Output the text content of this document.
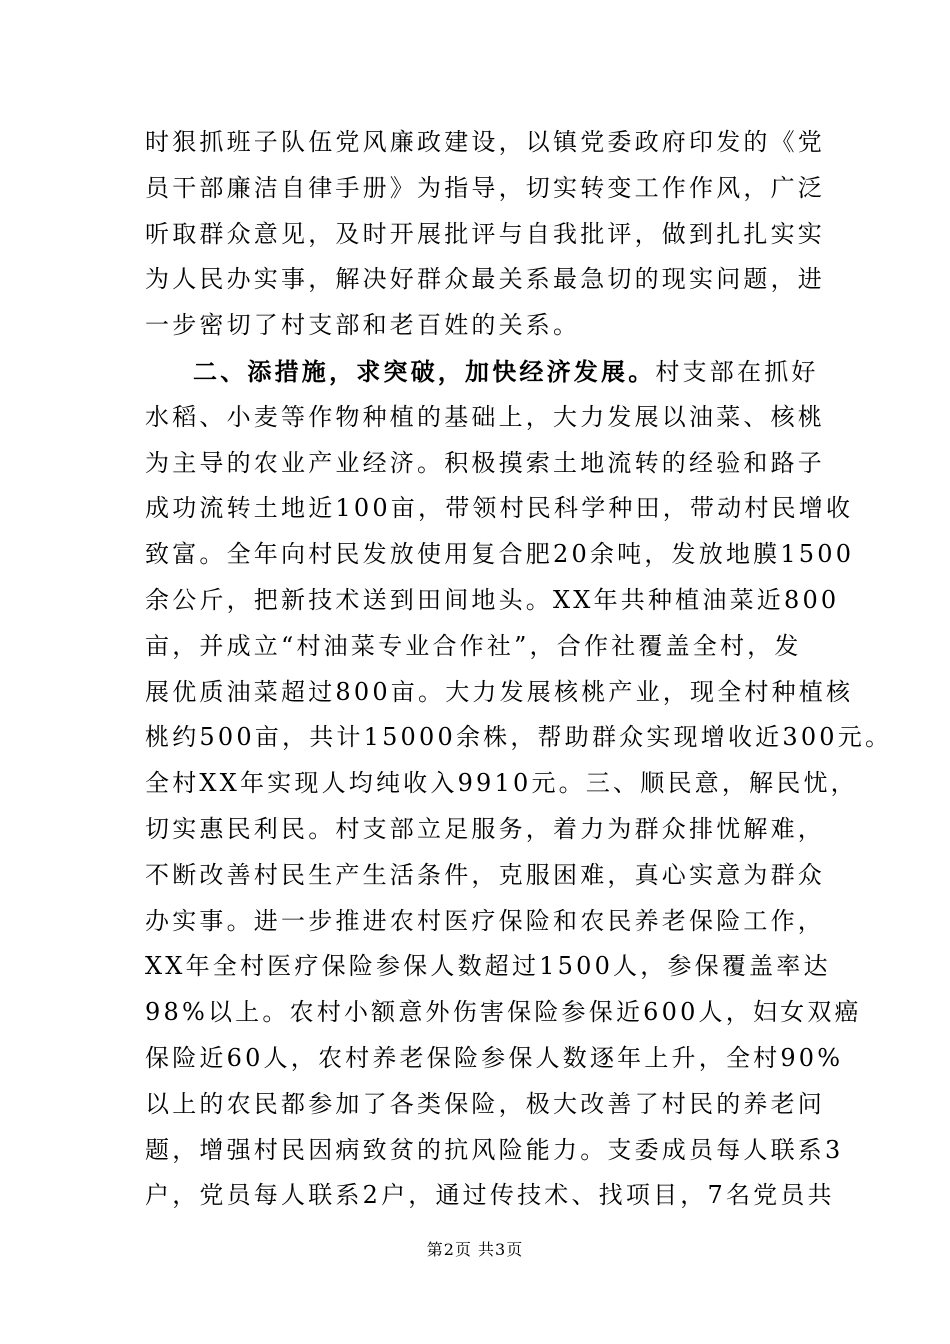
时狠抓班子队伍党风廉政建设，以镇党委政府印发的《党
员干部廉洁自律手册》为指导，切实转变工作作风，广泛
听取群众意见，及时开展批评与自我批评，做到扎扎实实
为人民办实事，解决好群众最关系最急切的现实问题，进
一步密切了村支部和老百姓的关系。
二、添措施，求突破，加快经济发展。村支部在抓好
水稻、小麦等作物种植的基础上，大力发展以油菜、核桃
为主导的农业产业经济。积极摸索土地流转的经验和路子
成功流转土地近100亩，带领村民科学种田，带动村民增收
致富。全年向村民发放使用复合肥20余吨，发放地膜1500
余公斤，把新技术送到田间地头。XX年共种植油菜近800
亩，并成立“村油菜专业合作社”，合作社覆盖全村，发
展优质油菜超过800亩。大力发展核桃产业，现全村种植核
桃约500亩，共计15000余株，帮助群众实现增收近300元。
全村XX年实现人均纯收入9910元。三、顺民意，解民忧，
切实惠民利民。村支部立足服务，着力为群众排忧解难，
不断改善村民生产生活条件，克服困难，真心实意为群众
办实事。进一步推进农村医疗保险和农民养老保险工作，
XX年全村医疗保险参保人数超过1500人，参保覆盖率达
98%以上。农村小额意外伤害保险参保近600人，妇女双癌
保险近60人，农村养老保险参保人数逐年上升，全村90%
以上的农民都参加了各类保险，极大改善了村民的养老问
题，增强村民因病致贫的抗风险能力。支委成员每人联系3
户，党员每人联系2户，通过传技术、找项目，7名党员共
第2页 共3页
